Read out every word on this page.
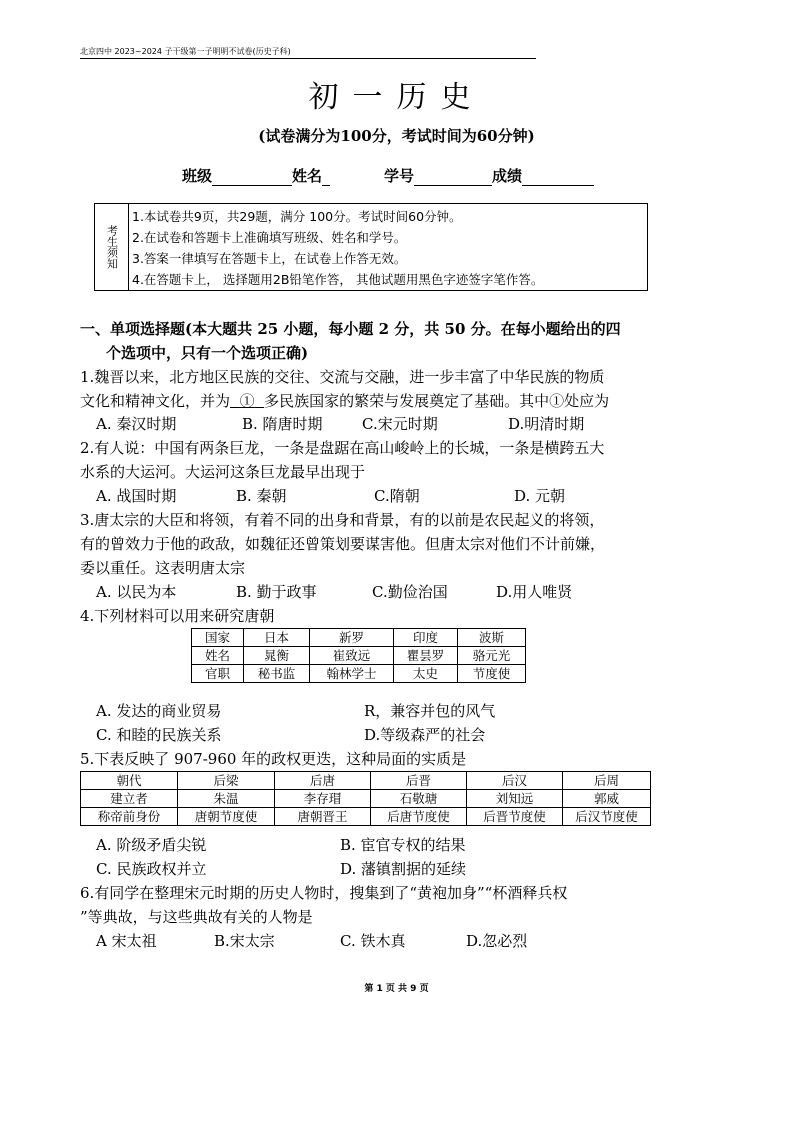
北京四中 2023~2024 子干级第一子明明不试卷(历史子科)
初一历史
(试卷满分为100分，考试时间为60分钟)
班级	姓名	学号	成绩
考生须知
1.本试卷共9页，共29题，满分 100分。考试时间60分钟。
2.在试卷和答题卡上准确填写班级、姓名和学号。
3.答案一律填写在答题卡上，在试卷上作答无效。
4.在答题卡上， 选择题用2B铅笔作答， 其他试题用黑色字迹签字笔作答。
一、单项选择题(本大题共 25 小题，每小题 2 分，共 50 分。在每小题给出的四
个选项中，只有一个选项正确)
1.魏晋以来，北方地区民族的交往、交流与交融，进一步丰富了中华民族的物质
文化和精神文化，并为 ① 多民族国家的繁荣与发展奠定了基础。其中①处应为
A. 秦汉时期	B. 隋唐时期	C.宋元时期	D.明清时期
2.有人说：中国有两条巨龙，一条是盘踞在高山峻岭上的长城，一条是横跨五大
水系的大运河。大运河这条巨龙最早出现于
A. 战国时期	B. 秦朝	C.隋朝	D. 元朝
3.唐太宗的大臣和将领，有着不同的出身和背景，有的以前是农民起义的将领，
有的曾效力于他的政敌，如魏征还曾策划要谋害他。但唐太宗对他们不计前嫌，
委以重任。这表明唐太宗
A. 以民为本	B. 勤于政事	C.勤俭治国	D.用人唯贤
4.下列材料可以用来研究唐朝
国家	日本	新罗	印度	波斯
姓名	晁衡	崔致远	瞿昙罗	骆元光
官职	秘书监	翰林学士	太史	节度使
A. 发达的商业贸易	R，兼容并包的风气
C. 和睦的民族关系	D.等级森严的社会
5.下表反映了 907-960 年的政权更迭，这种局面的实质是
朝代	后梁	后唐	后晋	后汉	后周
建立者	朱温	李存瑁	石敬瑭	刘知远	郭威
称帝前身份	唐朝节度使	唐朝晋王	后唐节度使	后晋节度使	后汉节度使
A. 阶级矛盾尖锐	B. 宦官专权的结果
C. 民族政权并立	D. 藩镇割据的延续
6.有同学在整理宋元时期的历史人物时，搜集到了“黄袍加身”“杯酒释兵权
”等典故，与这些典故有关的人物是
A 宋太祖	B.宋太宗	C. 铁木真	D.忽必烈
第 1 页 共 9 页
